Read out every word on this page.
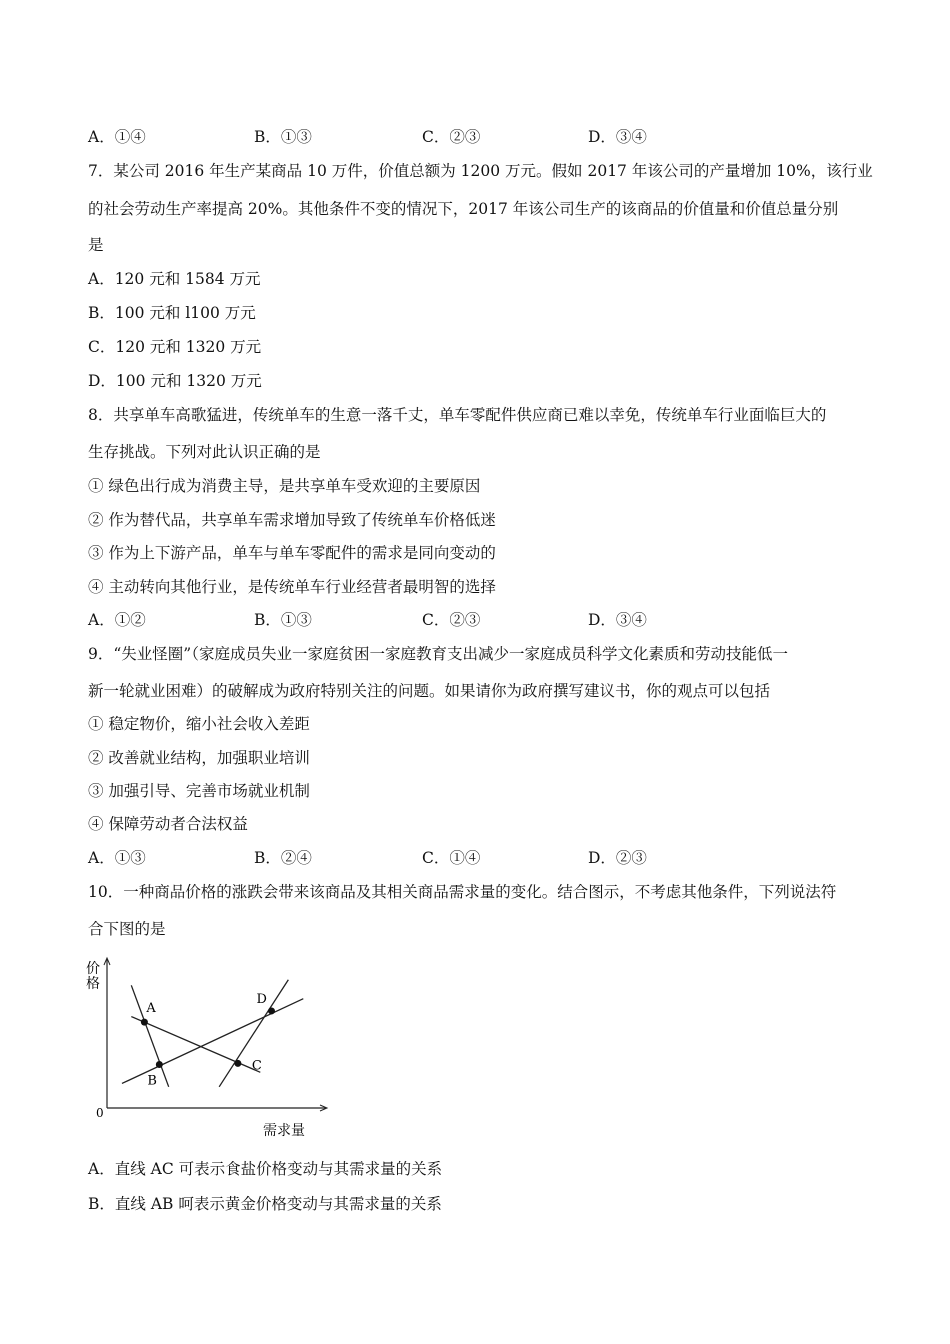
A．①④	B．①③	C．②③	D．③④
7．某公司 2016 年生产某商品 10 万件，价值总额为 1200 万元。假如 2017 年该公司的产量增加 10%，该行业
的社会劳动生产率提高 20%。其他条件不变的情况下，2017 年该公司生产的该商品的价值量和价值总量分别
是
A．120 元和 1584 万元
B．100 元和 l100 万元
C．120 元和 1320 万元
D．100 元和 1320 万元
8．共享单车高歌猛进，传统单车的生意一落千丈，单车零配件供应商已难以幸免，传统单车行业面临巨大的
生存挑战。下列对此认识正确的是
① 绿色出行成为消费主导，是共享单车受欢迎的主要原因
② 作为替代品，共享单车需求增加导致了传统单车价格低迷
③ 作为上下游产品，单车与单车零配件的需求是同向变动的
④ 主动转向其他行业，是传统单车行业经营者最明智的选择
A．①②	B．①③	C．②③	D．③④
9．“失业怪圈”（家庭成员失业一家庭贫困一家庭教育支出减少一家庭成员科学文化素质和劳动技能低一
新一轮就业困难）的破解成为政府特别关注的问题。如果请你为政府撰写建议书，你的观点可以包括
① 稳定物价，缩小社会收入差距
② 改善就业结构，加强职业培训
③ 加强引导、完善市场就业机制
④ 保障劳动者合法权益
A．①③	B．②④	C．①④	D．②③
10．一种商品价格的涨跌会带来该商品及其相关商品需求量的变化。结合图示，不考虑其他条件，下列说法符
合下图的是
A
B
C
D
价
格
0
需求量
A．直线 AC 可表示食盐价格变动与其需求量的关系
B．直线 AB 呵表示黄金价格变动与其需求量的关系
